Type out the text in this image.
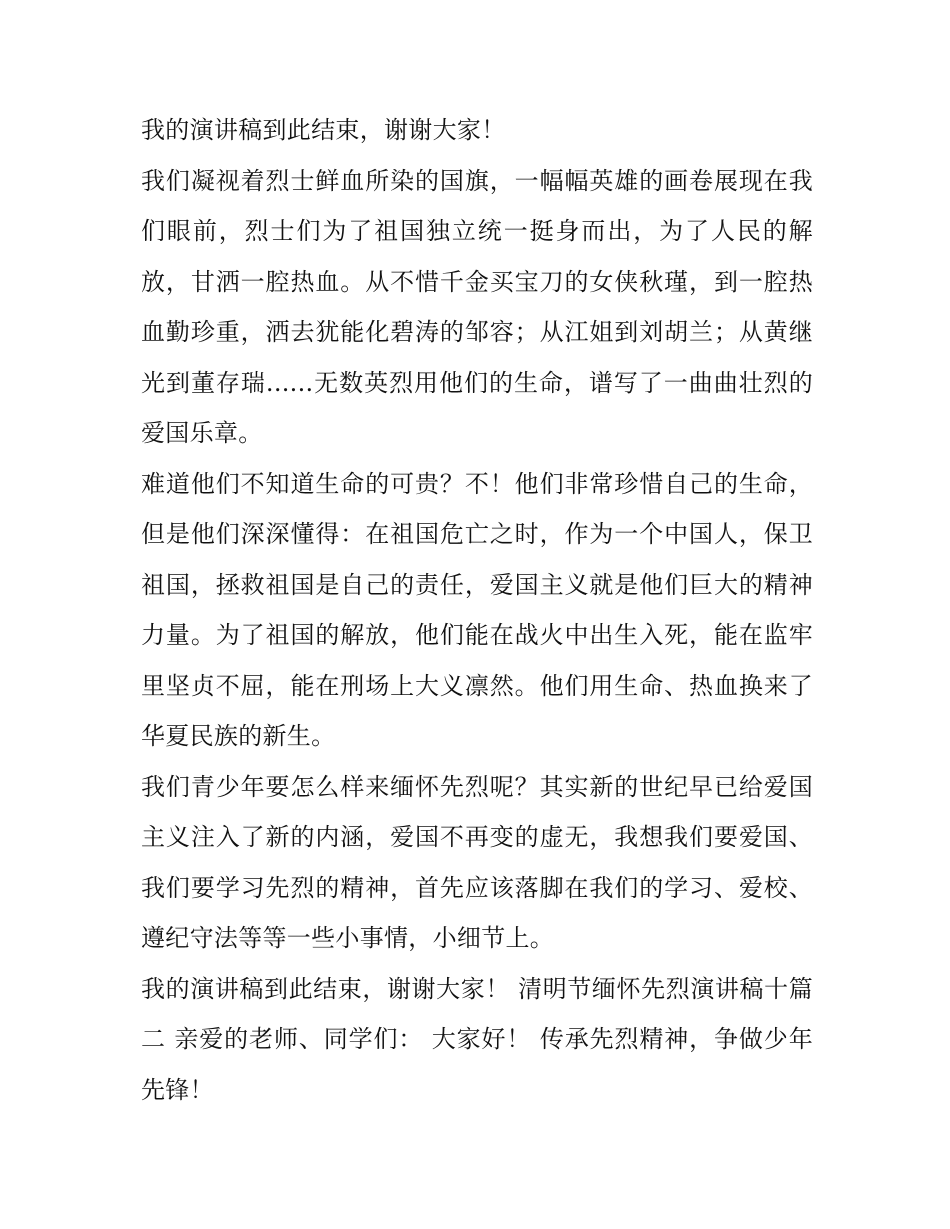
我的演讲稿到此结束，谢谢大家！

我们凝视着烈士鲜血所染的国旗，一幅幅英雄的画卷展现在我们眼前，烈士们为了祖国独立统一挺身而出，为了人民的解放，甘洒一腔热血。从不惜千金买宝刀的女侠秋瑾，到一腔热血勤珍重，洒去犹能化碧涛的邹容；从江姐到刘胡兰；从黄继光到董存瑞......无数英烈用他们的生命，谱写了一曲曲壮烈的爱国乐章。

难道他们不知道生命的可贵？不！他们非常珍惜自己的生命，但是他们深深懂得：在祖国危亡之时，作为一个中国人，保卫祖国，拯救祖国是自己的责任，爱国主义就是他们巨大的精神力量。为了祖国的解放，他们能在战火中出生入死，能在监牢里坚贞不屈，能在刑场上大义凛然。他们用生命、热血换来了华夏民族的新生。

我们青少年要怎么样来缅怀先烈呢？其实新的世纪早已给爱国主义注入了新的内涵，爱国不再变的虚无，我想我们要爱国、我们要学习先烈的精神，首先应该落脚在我们的学习、爱校、遵纪守法等等一些小事情，小细节上。

我的演讲稿到此结束，谢谢大家！ 清明节缅怀先烈演讲稿十篇二 亲爱的老师、同学们： 大家好！ 传承先烈精神，争做少年先锋！
